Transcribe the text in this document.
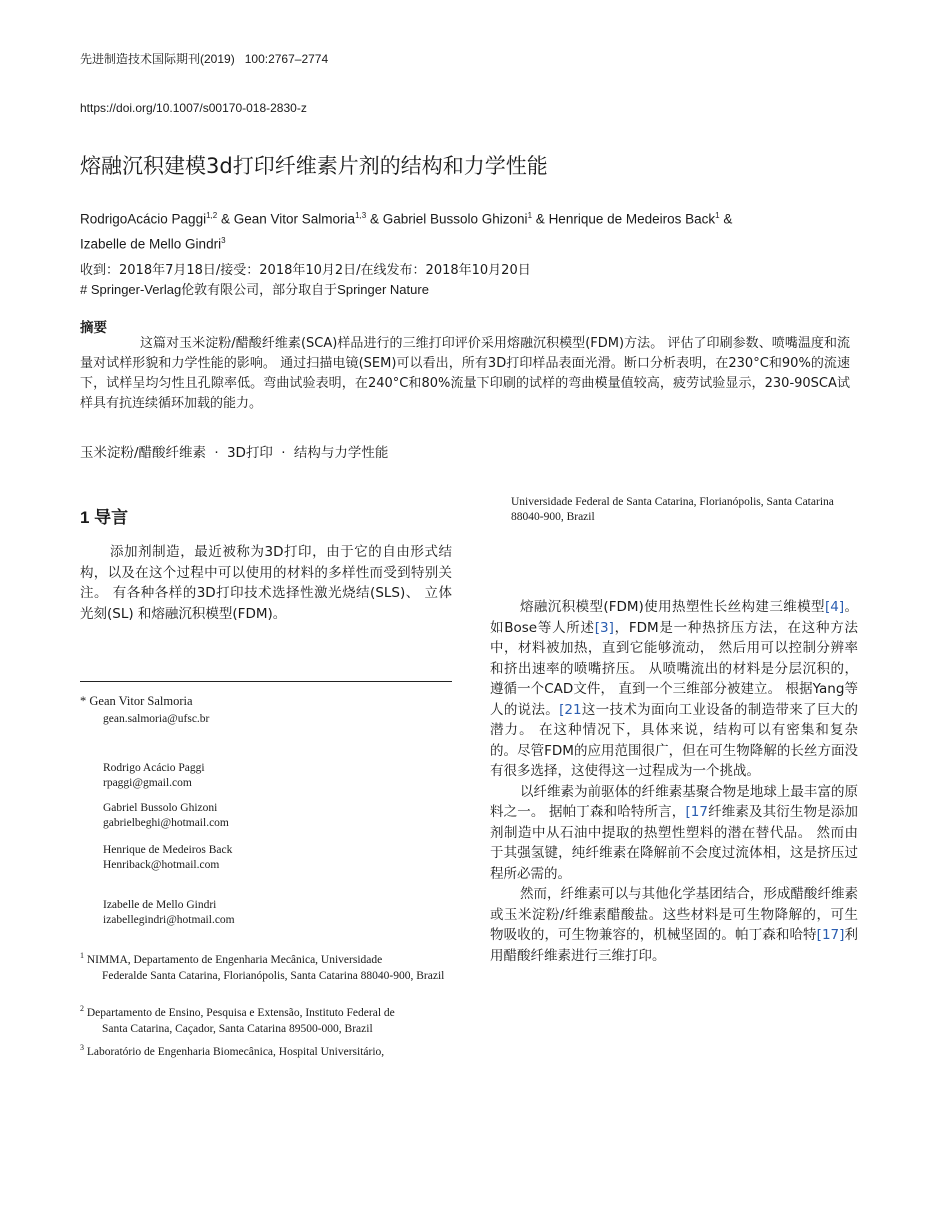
先进制造技术国际期刊(2019) 100:2767–2774
https://doi.org/10.1007/s00170-018-2830-z
熔融沉积建模3d打印纤维素片剂的结构和力学性能
RodrigoAcácio Paggi$^{1,2}$ & Gean Vitor Salmoria$^{1,3}$ & Gabriel Bussolo Ghizoni$^1$ & Henrique de Medeiros Back$^1$ &
Izabelle de Mello Gindri$^3$
收到：2018年7月18日/接受：2018年10月2日/在线发布：2018年10月20日
# Springer-Verlag伦敦有限公司，部分取自于Springer Nature
摘要
这篇对玉米淀粉/醋酸纤维素(SCA)样品进行的三维打印评价采用熔融沉积模型(FDM)方法。 评估了印刷参数、喷嘴温度和流量对试样形貌和力学性能的影响。 通过扫描电镜(SEM)可以看出，所有3D打印样品表面光滑。断口分析表明，在230°C和90%的流速下，试样呈均匀性且孔隙率低。弯曲试验表明，在240°C和80%流量下印刷的试样的弯曲模量值较高，疲劳试验显示，230-90SCA试样具有抗连续循环加载的能力。
玉米淀粉/醋酸纤维素 · 3D打印 · 结构与力学性能
1 导言
添加剂制造，最近被称为3D打印，由于它的自由形式结构，以及在这个过程中可以使用的材料的多样性而受到特别关注。 有各种各样的3D打印技术选择性激光烧结(SLS)、 立体光刻(SL) 和熔融沉积模型(FDM)。
* Gean Vitor Salmoria
gean.salmoria@ufsc.br
Rodrigo Acácio Paggi
rpaggi@gmail.com
Gabriel Bussolo Ghizoni
gabrielbeghi@hotmail.com
Henrique de Medeiros Back
Henriback@hotmail.com
Izabelle de Mello Gindri
izabellegindri@hotmail.com
$^1$ NIMMA, Departamento de Engenharia Mecânica, Universidade
Federalde Santa Catarina, Florianópolis, Santa Catarina 88040-900, Brazil
$^2$ Departamento de Ensino, Pesquisa e Extensão, Instituto Federal de
Santa Catarina, Caçador, Santa Catarina 89500-000, Brazil
$^3$ Laboratório de Engenharia Biomecânica, Hospital Universitário,
Universidade Federal de Santa Catarina, Florianópolis, Santa Catarina 88040-900, Brazil

熔融沉积模型(FDM)使用热塑性长丝构建三维模型[4]。 如Bose等人所述[3]，FDM是一种热挤压方法，在这种方法中，材料被加热，直到它能够流动， 然后用可以控制分辨率和挤出速率的喷嘴挤压。 从喷嘴流出的材料是分层沉积的，遵循一个CAD文件， 直到一个三维部分被建立。 根据Yang等人的说法。[21这一技术为面向工业设备的制造带来了巨大的潜力。 在这种情况下，具体来说，结构可以有密集和复杂的。尽管FDM的应用范围很广，但在可生物降解的长丝方面没有很多选择，这使得这一过程成为一个挑战。

以纤维素为前驱体的纤维素基聚合物是地球上最丰富的原料之一。 据帕丁森和哈特所言，[17纤维素及其衍生物是添加剂制造中从石油中提取的热塑性塑料的潜在替代品。 然而由于其强氢键，纯纤维素在降解前不会度过流体相，这是挤压过程所必需的。

然而，纤维素可以与其他化学基团结合，形成醋酸纤维素或玉米淀粉/纤维素醋酸盐。这些材料是可生物降解的，可生物吸收的，可生物兼容的，机械坚固的。帕丁森和哈特[17]利用醋酸纤维素进行三维打印。
